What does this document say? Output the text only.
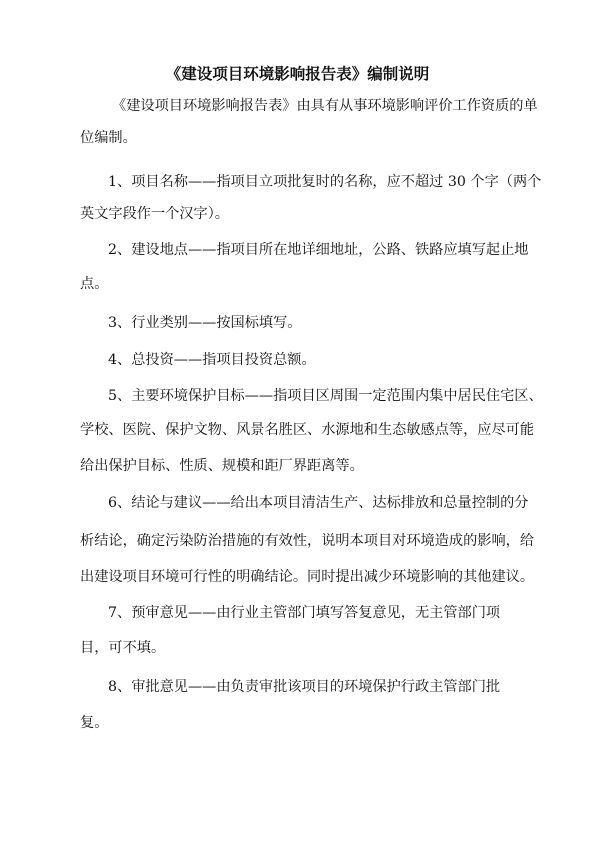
《建设项目环境影响报告表》编制说明
《建设项目环境影响报告表》由具有从事环境影响评价工作资质的单
位编制。
1、项目名称——指项目立项批复时的名称，应不超过 30 个字（两个
英文字段作一个汉字）。
2、建设地点——指项目所在地详细地址，公路、铁路应填写起止地
点。
3、行业类别——按国标填写。
4、总投资——指项目投资总额。
5、主要环境保护目标——指项目区周围一定范围内集中居民住宅区、
学校、医院、保护文物、风景名胜区、水源地和生态敏感点等，应尽可能
给出保护目标、性质、规模和距厂界距离等。
6、结论与建议——给出本项目清洁生产、达标排放和总量控制的分
析结论，确定污染防治措施的有效性，说明本项目对环境造成的影响，给
出建设项目环境可行性的明确结论。同时提出减少环境影响的其他建议。
7、预审意见——由行业主管部门填写答复意见，无主管部门项
目，可不填。
8、审批意见——由负责审批该项目的环境保护行政主管部门批
复。
